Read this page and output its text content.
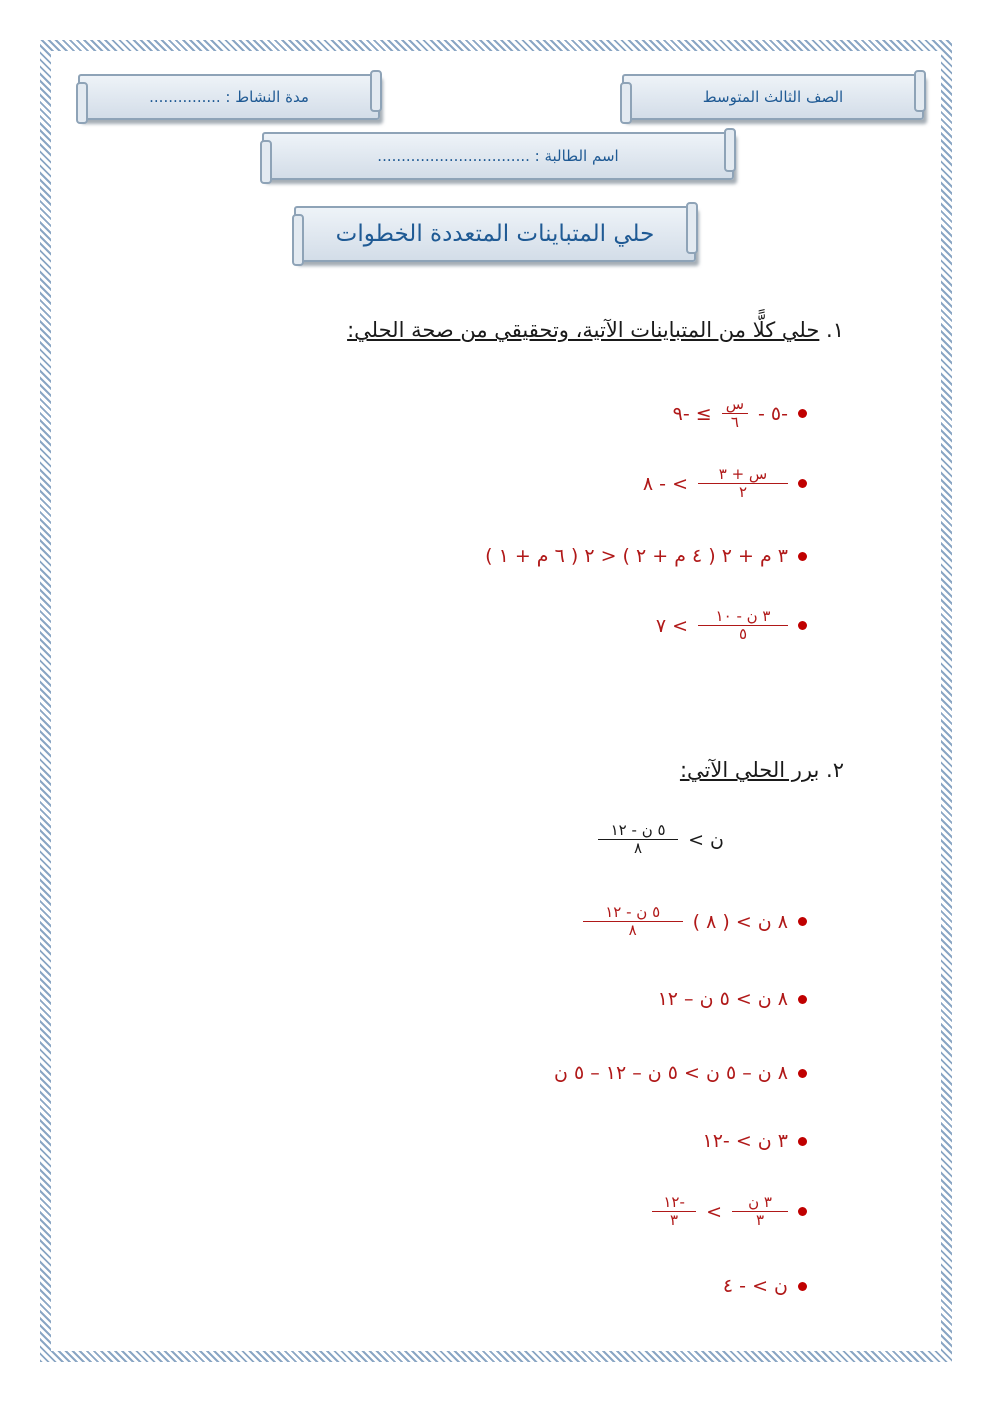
الصف الثالث المتوسط
مدة النشاط : ...............
اسم الطالبة : ................................
حلي المتباينات المتعددة الخطوات
١. حلي كلًّا من المتباينات الآتية، وتحقيقي من صحة الحلي:
-٥ -
$\frac{\text{س}}{٦}$
≥ -٩
$\frac{\text{س + ٣}}{٢}$
> - ٨
٣ م + ٢ ( ٤ م + ٢ ) < ٢ ( ٦ م + ١ )
$\frac{\text{٣ ن - ١٠}}{٥}$
> ٧
٢. برر الحلي الآتي:
ن >
$\frac{\text{٥ ن - ١٢}}{٨}$
٨ ن > ( ٨ )
$\frac{\text{٥ ن - ١٢}}{٨}$
٨ ن > ٥ ن – ١٢
٨ ن – ٥ ن > ٥ ن – ١٢ – ٥ ن
٣ ن > -١٢
$\frac{\text{٣ ن}}{٣}$
>
$\frac{-١٢}{٣}$
ن > - ٤
